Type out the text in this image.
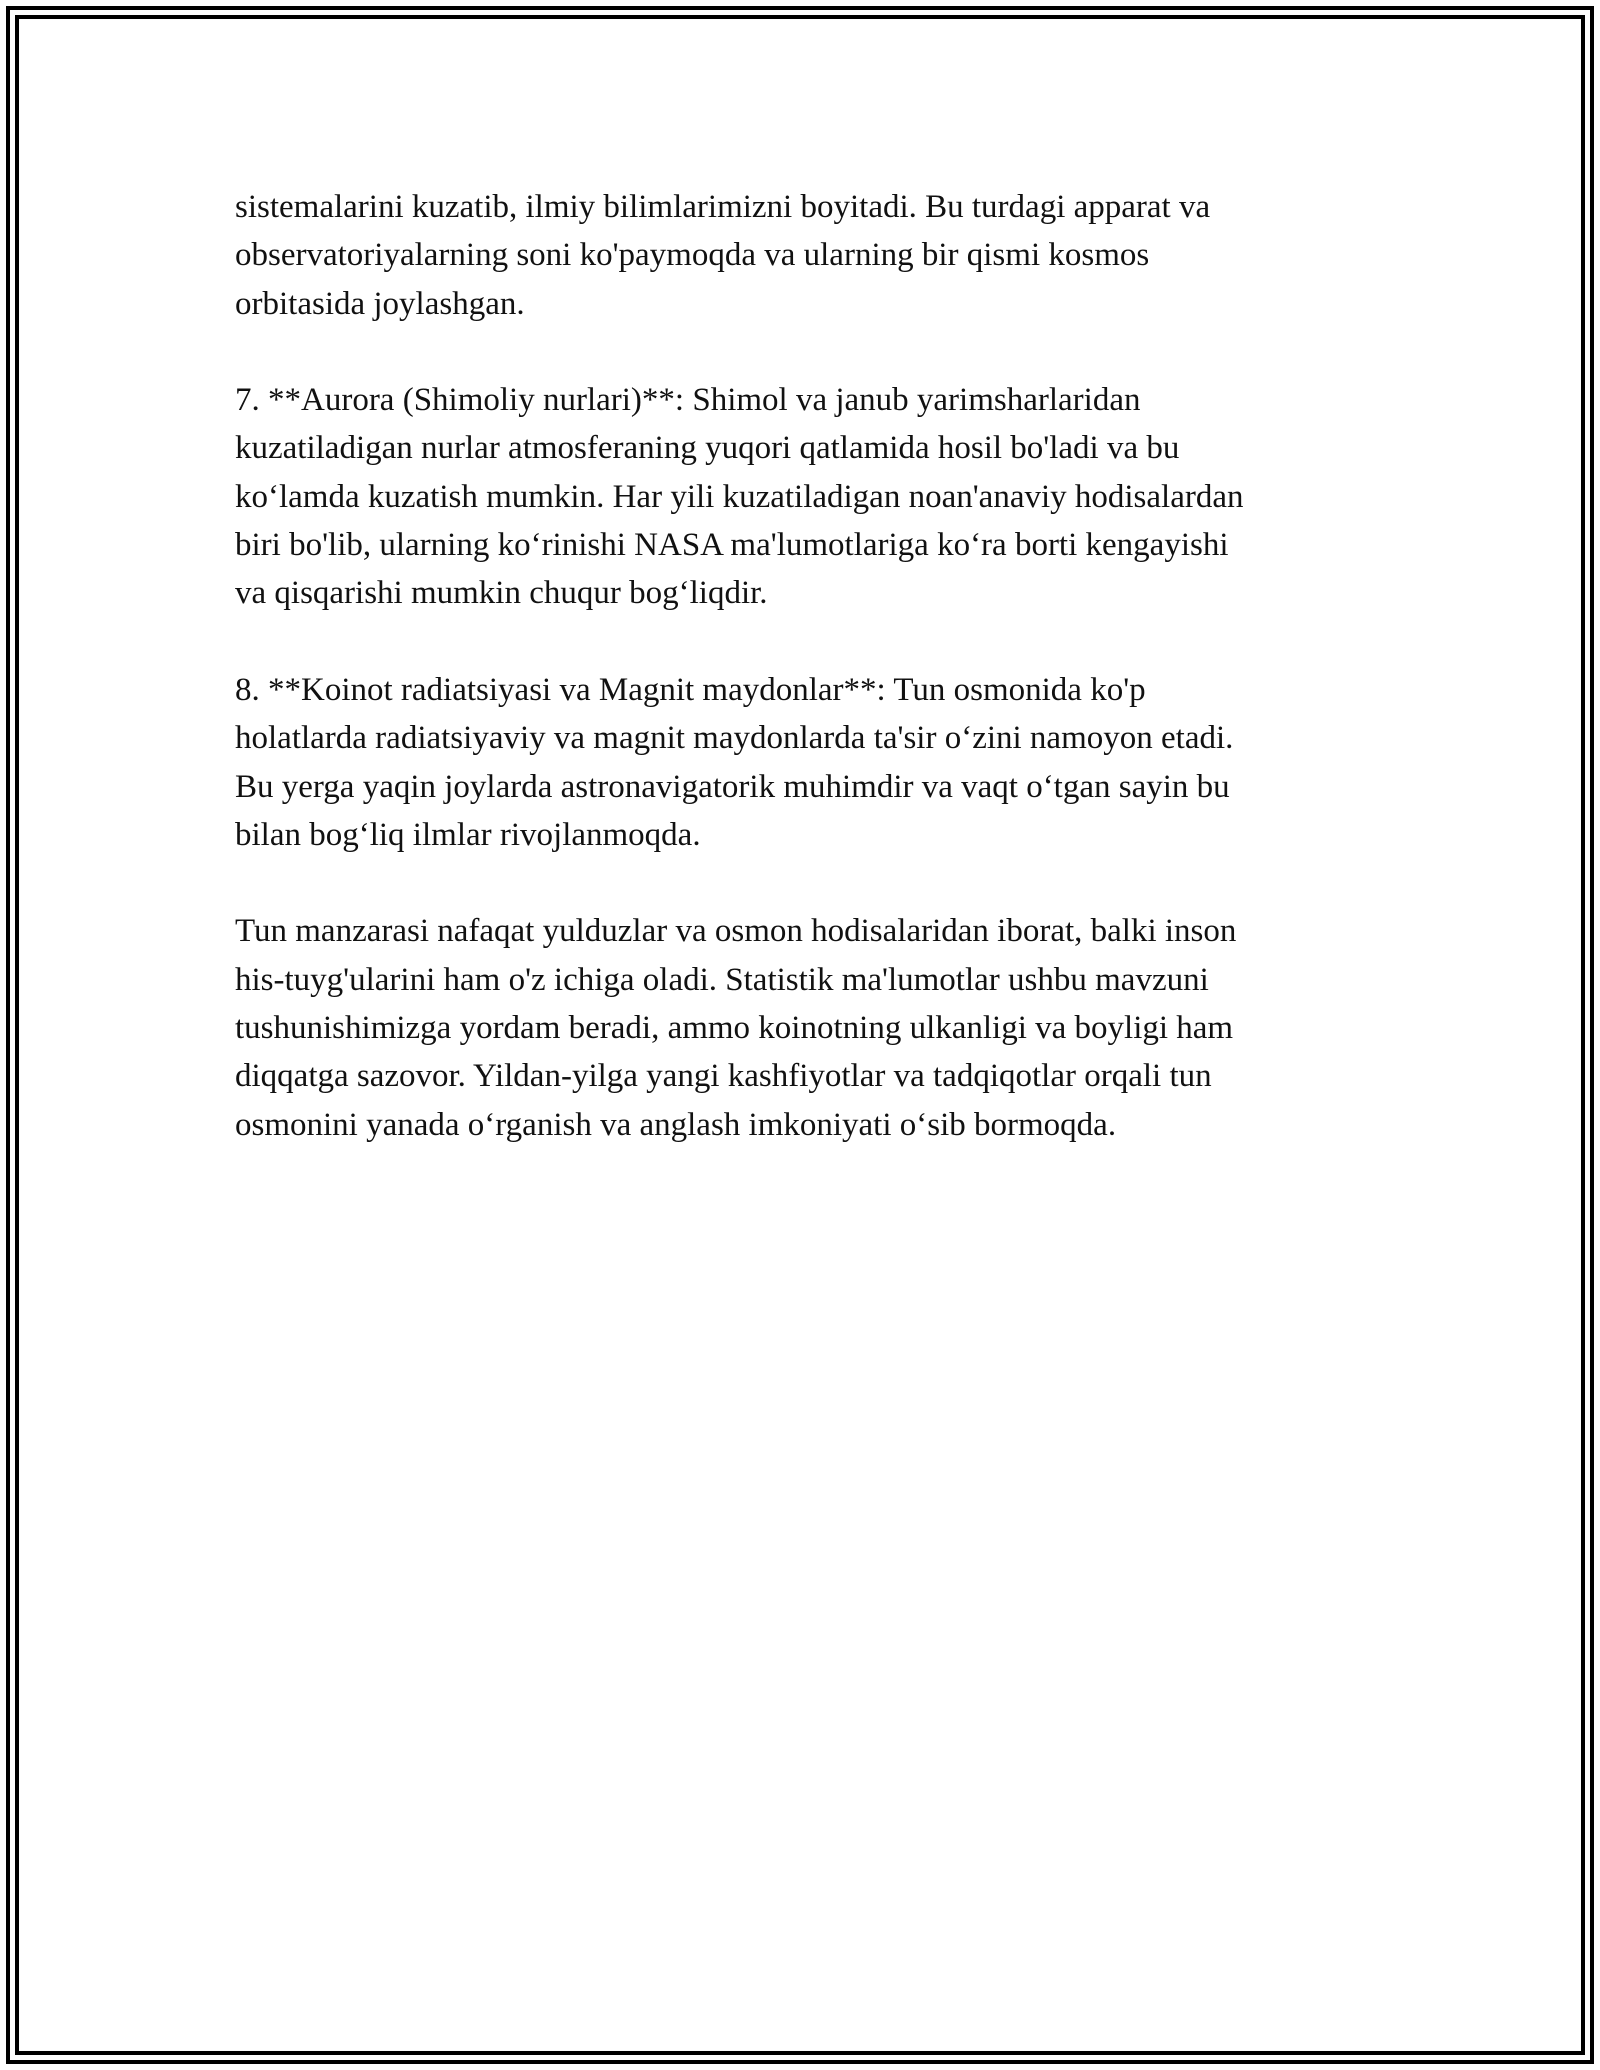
sistemalarini kuzatib, ilmiy bilimlarimizni boyitadi. Bu turdagi apparat va
observatoriyalarning soni ko'paymoqda va ularning bir qismi kosmos
orbitasida joylashgan.

7. **Aurora (Shimoliy nurlari)**: Shimol va janub yarimsharlaridan
kuzatiladigan nurlar atmosferaning yuqori qatlamida hosil bo'ladi va bu
ko‘lamda kuzatish mumkin. Har yili kuzatiladigan noan'anaviy hodisalardan
biri bo'lib, ularning ko‘rinishi NASA ma'lumotlariga ko‘ra borti kengayishi
va qisqarishi mumkin chuqur bog‘liqdir.

8. **Koinot radiatsiyasi va Magnit maydonlar**: Tun osmonida ko'p
holatlarda radiatsiyaviy va magnit maydonlarda ta'sir o‘zini namoyon etadi.
Bu yerga yaqin joylarda astronavigatorik muhimdir va vaqt o‘tgan sayin bu
bilan bog‘liq ilmlar rivojlanmoqda.

Tun manzarasi nafaqat yulduzlar va osmon hodisalaridan iborat, balki inson
his-tuyg'ularini ham o'z ichiga oladi. Statistik ma'lumotlar ushbu mavzuni
tushunishimizga yordam beradi, ammo koinotning ulkanligi va boyligi ham
diqqatga sazovor. Yildan-yilga yangi kashfiyotlar va tadqiqotlar orqali tun
osmonini yanada o‘rganish va anglash imkoniyati o‘sib bormoqda.
